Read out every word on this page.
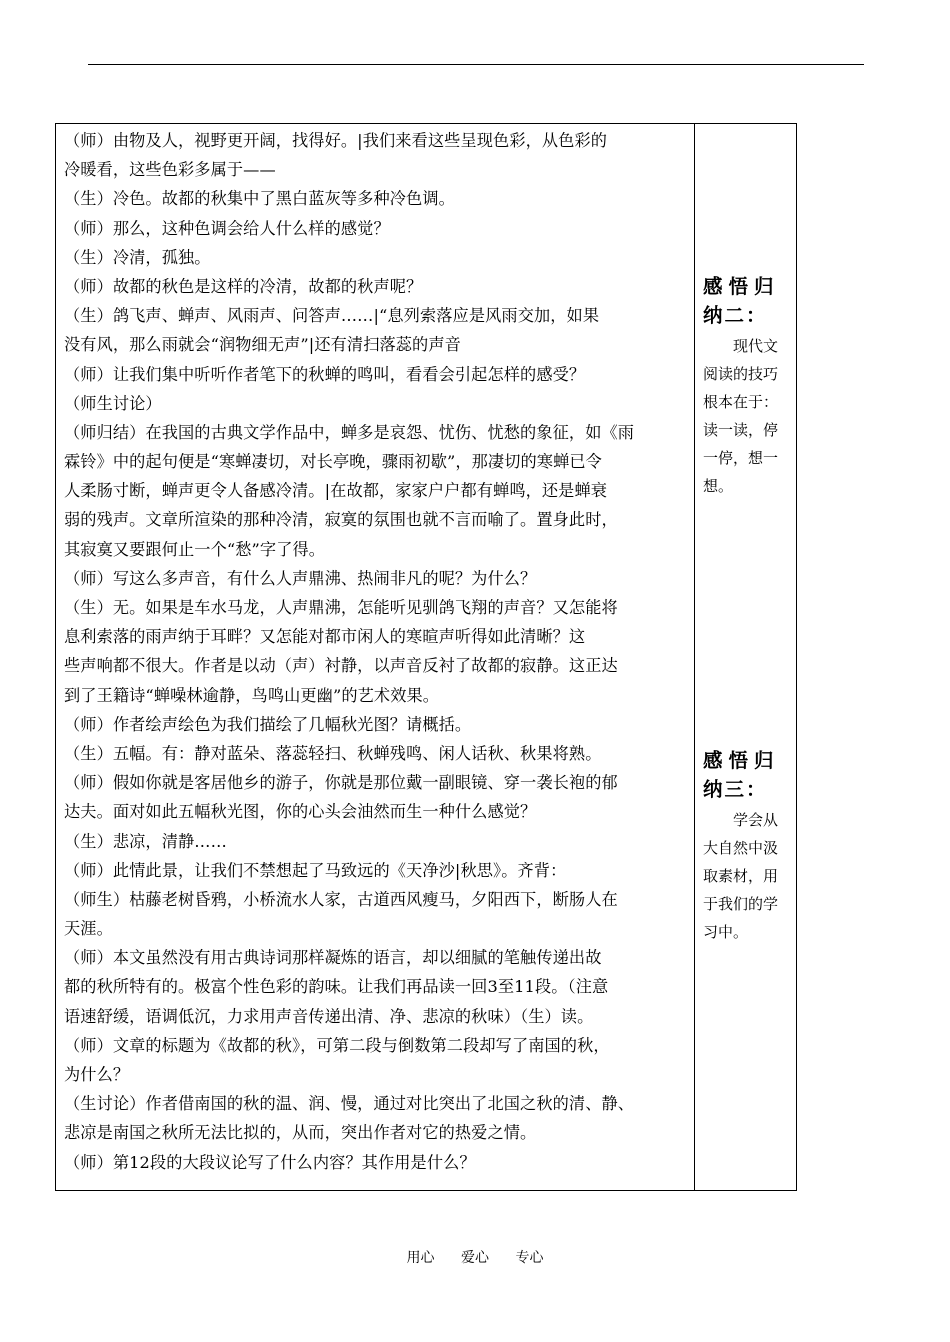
（师）由物及人，视野更开阔，找得好。|我们来看这些呈现色彩，从色彩的
冷暖看，这些色彩多属于——
（生）冷色。故都的秋集中了黑白蓝灰等多种冷色调。
（师）那么，这种色调会给人什么样的感觉？
（生）冷清，孤独。
（师）故都的秋色是这样的冷清，故都的秋声呢？
（生）鸽飞声、蝉声、风雨声、问答声……|“息列索落应是风雨交加，如果
没有风，那么雨就会“润物细无声”|还有清扫落蕊的声音
（师）让我们集中听听作者笔下的秋蝉的鸣叫，看看会引起怎样的感受？
（师生讨论）
（师归结）在我国的古典文学作品中，蝉多是哀怨、忧伤、忧愁的象征，如《雨
霖铃》中的起句便是“寒蝉凄切，对长亭晚，骤雨初歇”，那凄切的寒蝉已令
人柔肠寸断，蝉声更令人备感冷清。|在故都，家家户户都有蝉鸣，还是蝉衰
弱的残声。文章所渲染的那种冷清，寂寞的氛围也就不言而喻了。置身此时，
其寂寞又要跟何止一个“愁”字了得。
（师）写这么多声音，有什么人声鼎沸、热闹非凡的呢？为什么？
（生）无。如果是车水马龙，人声鼎沸，怎能听见驯鸽飞翔的声音？又怎能将
息利索落的雨声纳于耳畔？又怎能对都市闲人的寒暄声听得如此清晰？这
些声响都不很大。作者是以动（声）衬静，以声音反衬了故都的寂静。这正达
到了王籍诗“蝉噪林逾静，鸟鸣山更幽”的艺术效果。
（师）作者绘声绘色为我们描绘了几幅秋光图？请概括。
（生）五幅。有：静对蓝朵、落蕊轻扫、秋蝉残鸣、闲人话秋、秋果将熟。
（师）假如你就是客居他乡的游子，你就是那位戴一副眼镜、穿一袭长袍的郁
达夫。面对如此五幅秋光图，你的心头会油然而生一种什么感觉？
（生）悲凉，清静……
（师）此情此景，让我们不禁想起了马致远的《天净沙|秋思》。齐背：
（师生）枯藤老树昏鸦，小桥流水人家，古道西风瘦马，夕阳西下，断肠人在
天涯。
（师）本文虽然没有用古典诗词那样凝炼的语言，却以细腻的笔触传递出故
都的秋所特有的。极富个性色彩的韵味。让我们再品读一回3至11段。（注意
语速舒缓，语调低沉，力求用声音传递出清、净、悲凉的秋味）（生）读。
（师）文章的标题为《故都的秋》，可第二段与倒数第二段却写了南国的秋，
为什么？
（生讨论）作者借南国的秋的温、润、慢，通过对比突出了北国之秋的清、静、
悲凉是南国之秋所无法比拟的，从而，突出作者对它的热爱之情。
（师）第12段的大段议论写了什么内容？其作用是什么？
感悟归
纳二：
现代文阅读的技巧根本在于：读一读，停一停，想一想。
感悟归
纳三：
学会从大自然中汲取素材，用于我们的学习中。
用心 爱心 专心
